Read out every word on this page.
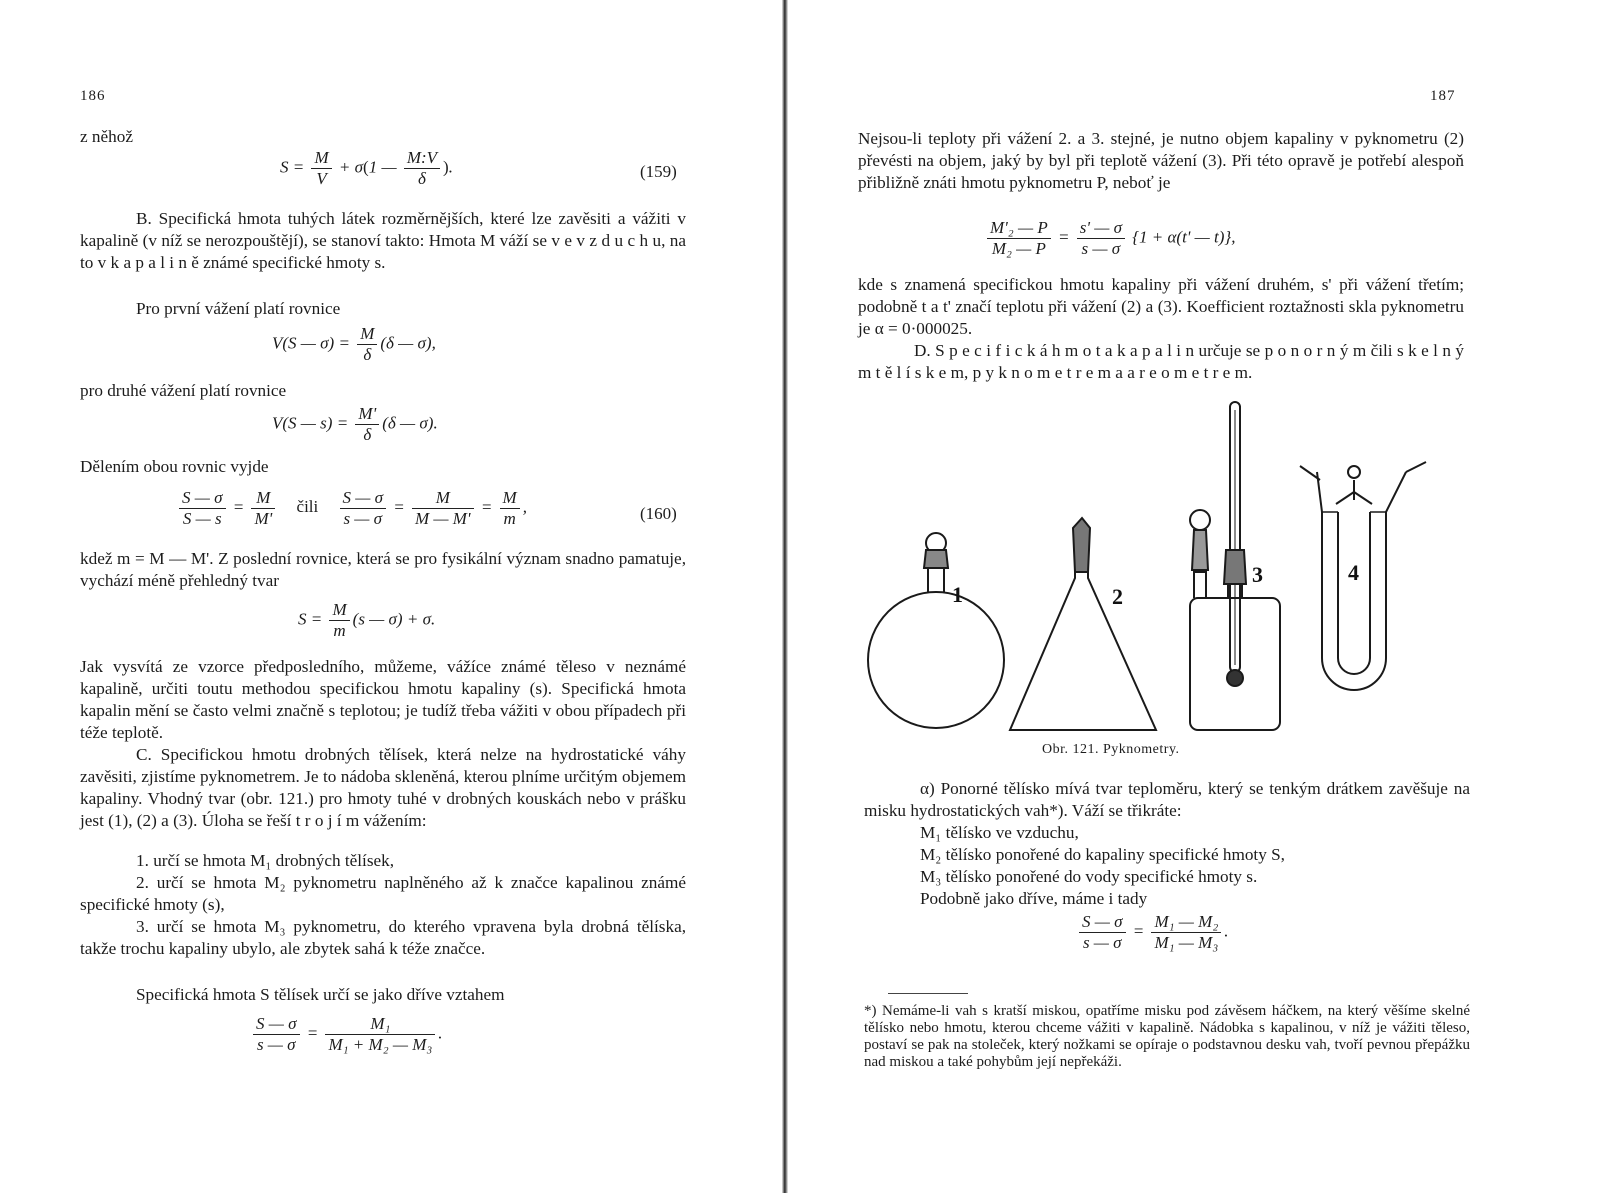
186
z něhož
$S = \frac{M}{V} + \sigma(1$ — $\frac{M:V}{\delta}$ ).	(159)
B. Specifická hmota tuhých látek rozměrnějších, které lze zavěsiti a vážiti v kapalině (v níž se nerozpouštějí), se stanoví takto: Hmota M váží se v e v z d u c h u, na to v k a p a l i n ě známé specifické hmoty s.
Pro první vážení platí rovnice
V(S — $\sigma) = \frac{M}{\delta} (\delta$ — σ),
pro druhé vážení platí rovnice
V(S — $s) = \frac{M'}{\delta} (\delta$ — σ).
Dělením obou rovnic vyjde
$\frac{S — \sigma}{S — s} = \frac{M}{M'}$ čili $\frac{S — \sigma}{s — \sigma} = \frac{M}{M — M'} = \frac{M}{m}$ ,	(160)
kdež m = M — M'. Z poslední rovnice, která se pro fysikální význam snadno pamatuje, vychází méně přehledný tvar
$S = \frac{M}{m} (s$ — σ) + σ.
Jak vysvítá ze vzorce předposledního, můžeme, vážíce známé těleso v neznámé kapalině, určiti toutu methodou specifickou hmotu kapaliny (s). Specifická hmota kapalin mění se často velmi značně s teplotou; je tudíž třeba vážiti v obou případech při téže teplotě.
C. Specifickou hmotu drobných tělísek, která nelze na hydrostatické váhy zavěsiti, zjistíme pyknometrem. Je to nádoba skleněná, kterou plníme určitým objemem kapaliny. Vhodný tvar (obr. 121.) pro hmoty tuhé v drobných kouskách nebo v prášku jest (1), (2) a (3). Úloha se řeší t r o j í m vážením:
1. určí se hmota M₁ drobných tělísek,
2. určí se hmota M₂ pyknometru naplněného až k značce kapalinou známé specifické hmoty (s),
3. určí se hmota M₃ pyknometru, do kterého vpravena byla drobná tělíska, takže trochu kapaliny ubylo, ale zbytek sahá k téže značce.
Specifická hmota S tělísek určí se jako dříve vztahem
$\frac{S — \sigma}{s — \sigma} = \frac{\text{M₁}}{\text{M₁ + M₂ — M₃}}$ .
187
Nejsou-li teploty při vážení 2. a 3. stejné, je nutno objem kapaliny v pyknometru (2) převésti na objem, jaký by byl při teplotě vážení (3). Při této opravě je potřebí alespoň přibližně znáti hmotu pyknometru P, neboť je
$\frac{\text{M'₂ — P}}{\text{M₂ — P}} = \frac{s' — \sigma}{s — \sigma} \{1 + \alpha(t'$ — t)},
kde s znamená specifickou hmotu kapaliny při vážení druhém, s' při vážení třetím; podobně t a t' značí teplotu při vážení (2) a (3). Koefficient roztažnosti skla pyknometru je α = 0·000025.
D. S p e c i f i c k á h m o t a k a p a l i n určuje se p o n o r n ý m čili s k e l n ý m t ě l í s k e m, p y k n o m e t r e m a a r e o m e t r e m.
1	2
3	4
Obr. 121. Pyknometry.
α) Ponorné tělísko mívá tvar teploměru, který se tenkým drátkem zavěšuje na misku hydrostatických vah*). Váží se třikráte:
M₁ tělísko ve vzduchu,
M₂ tělísko ponořené do kapaliny specifické hmoty S,
M₃ tělísko ponořené do vody specifické hmoty s.
Podobně jako dříve, máme i tady
$\frac{S — \sigma}{s — \sigma} = \frac{\text{M₁ — M₂}}{\text{M₁ — M₃}}$ .
*) Nemáme-li vah s kratší miskou, opatříme misku pod závěsem háčkem, na který věšíme skelné tělísko nebo hmotu, kterou chceme vážiti v kapalině. Nádobka s kapalinou, v níž je vážiti těleso, postaví se pak na stoleček, který nožkami se opíraje o podstavnou desku vah, tvoří pevnou přepážku nad miskou a také pohybům její nepřekáži.
